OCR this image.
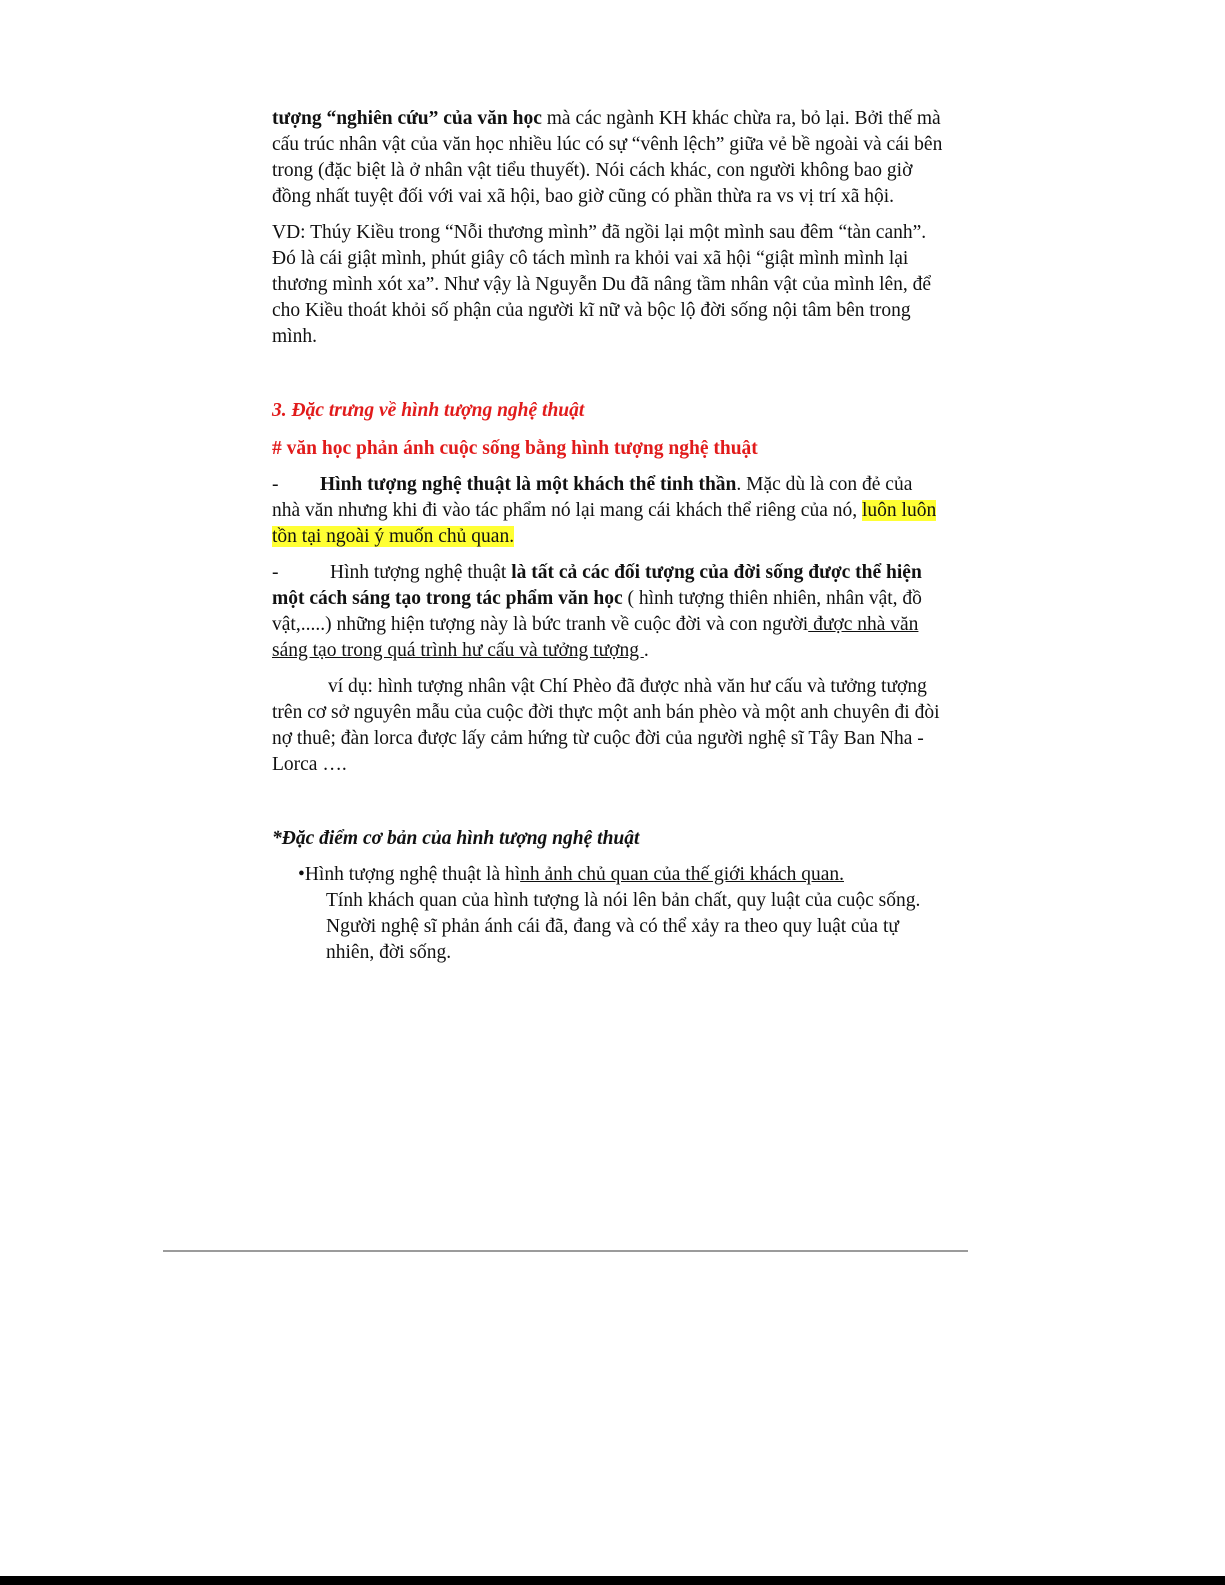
tượng “nghiên cứu” của văn học mà các ngành KH khác chừa ra, bỏ lại. Bởi thế mà cấu trúc nhân vật của văn học nhiều lúc có sự “vênh lệch” giữa vẻ bề ngoài và cái bên trong (đặc biệt là ở nhân vật tiểu thuyết). Nói cách khác, con người không bao giờ đồng nhất tuyệt đối với vai xã hội, bao giờ cũng có phần thừa ra vs vị trí xã hội.

VD: Thúy Kiều trong “Nỗi thương mình” đã ngồi lại một mình sau đêm “tàn canh”. Đó là cái giật mình, phút giây cô tách mình ra khỏi vai xã hội “giật mình mình lại thương mình xót xa”. Như vậy là Nguyễn Du đã nâng tầm nhân vật của mình lên, để cho Kiều thoát khỏi số phận của người kĩ nữ và bộc lộ đời sống nội tâm bên trong mình.

3. Đặc trưng về hình tượng nghệ thuật

# văn học phản ánh cuộc sống bằng hình tượng nghệ thuật

- Hình tượng nghệ thuật là một khách thể tinh thần. Mặc dù là con đẻ của nhà văn nhưng khi đi vào tác phẩm nó lại mang cái khách thể riêng của nó, luôn luôn tồn tại ngoài ý muốn chủ quan.

-	Hình tượng nghệ thuật là tất cả các đối tượng của đời sống được thể hiện một cách sáng tạo trong tác phẩm văn học ( hình tượng thiên nhiên, nhân vật, đồ vật,.....) những hiện tượng này là bức tranh về cuộc đời và con người được nhà văn sáng tạo trong quá trình hư cấu và tưởng tượng .

ví dụ: hình tượng nhân vật Chí Phèo đã được nhà văn hư cấu và tưởng tượng trên cơ sở nguyên mẫu của cuộc đời thực một anh bán phèo và một anh chuyên đi đòi nợ thuê; đàn lorca được lấy cảm hứng từ cuộc đời của người nghệ sĩ Tây Ban Nha - Lorca ….

*Đặc điểm cơ bản của hình tượng nghệ thuật

•Hình tượng nghệ thuật là hình ảnh chủ quan của thế giới khách quan.

Tính khách quan của hình tượng là nói lên bản chất, quy luật của cuộc sống. Người nghệ sĩ phản ánh cái đã, đang và có thể xảy ra theo quy luật của tự nhiên, đời sống.
